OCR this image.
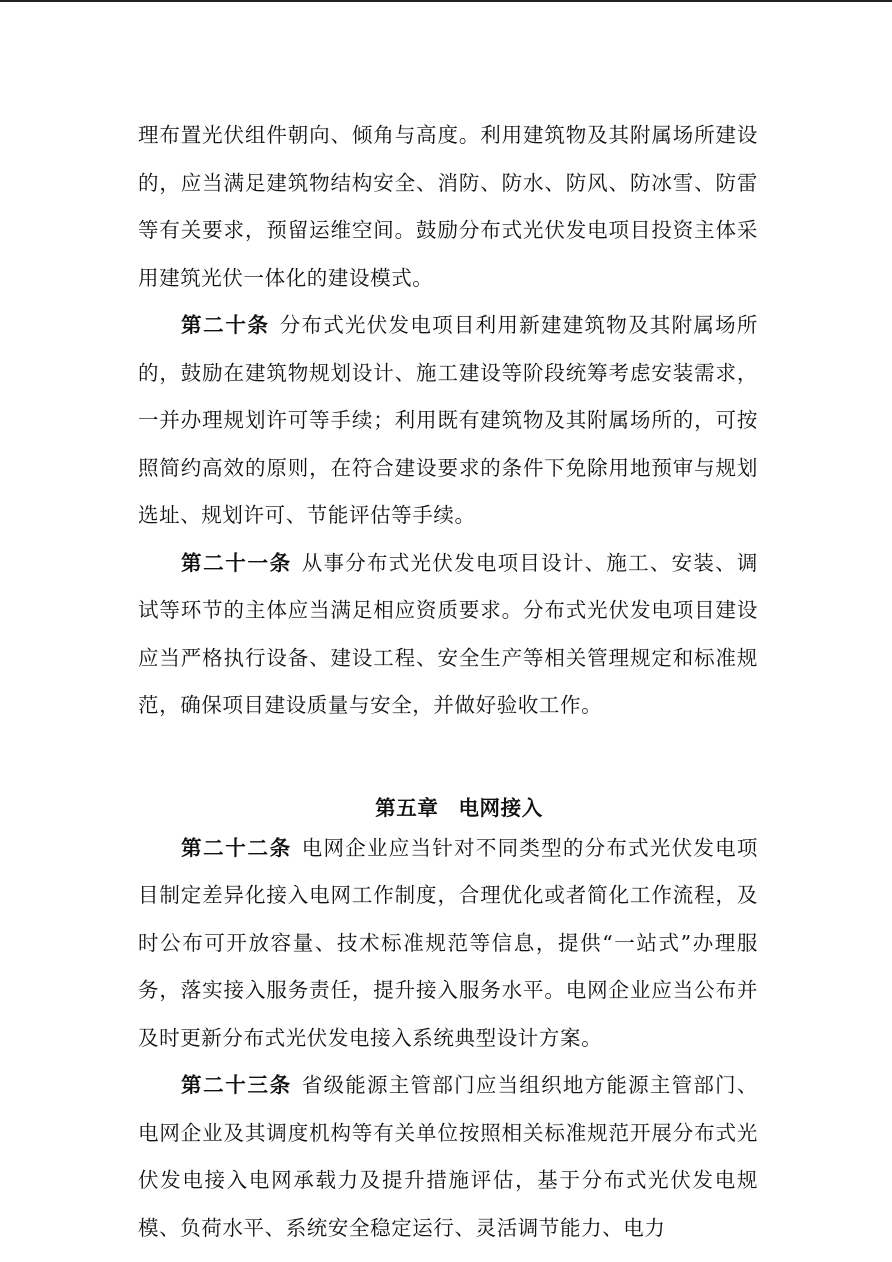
理布置光伏组件朝向、倾角与高度。利用建筑物及其附属场所建设的，应当满足建筑物结构安全、消防、防水、防风、防冰雪、防雷等有关要求，预留运维空间。鼓励分布式光伏发电项目投资主体采用建筑光伏一体化的建设模式。

第二十条 分布式光伏发电项目利用新建建筑物及其附属场所的，鼓励在建筑物规划设计、施工建设等阶段统筹考虑安装需求，一并办理规划许可等手续；利用既有建筑物及其附属场所的，可按照简约高效的原则，在符合建设要求的条件下免除用地预审与规划选址、规划许可、节能评估等手续。

第二十一条 从事分布式光伏发电项目设计、施工、安装、调试等环节的主体应当满足相应资质要求。分布式光伏发电项目建设应当严格执行设备、建设工程、安全生产等相关管理规定和标准规范，确保项目建设质量与安全，并做好验收工作。

第五章 电网接入

第二十二条 电网企业应当针对不同类型的分布式光伏发电项目制定差异化接入电网工作制度，合理优化或者简化工作流程，及时公布可开放容量、技术标准规范等信息，提供“一站式”办理服务，落实接入服务责任，提升接入服务水平。电网企业应当公布并及时更新分布式光伏发电接入系统典型设计方案。

第二十三条 省级能源主管部门应当组织地方能源主管部门、电网企业及其调度机构等有关单位按照相关标准规范开展分布式光伏发电接入电网承载力及提升措施评估，基于分布式光伏发电规模、负荷水平、系统安全稳定运行、灵活调节能力、电力
